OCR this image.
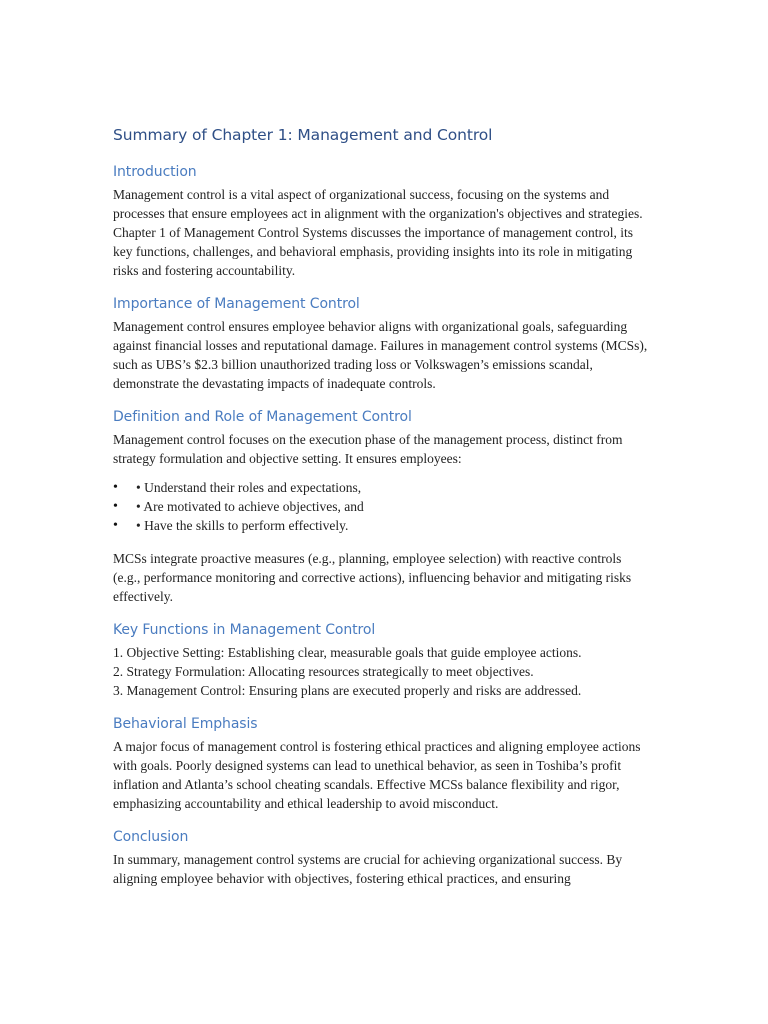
Summary of Chapter 1: Management and Control
Introduction

Management control is a vital aspect of organizational success, focusing on the systems and processes that ensure employees act in alignment with the organization's objectives and strategies. Chapter 1 of Management Control Systems discusses the importance of management control, its key functions, challenges, and behavioral emphasis, providing insights into its role in mitigating risks and fostering accountability.

Importance of Management Control

Management control ensures employee behavior aligns with organizational goals, safeguarding against financial losses and reputational damage. Failures in management control systems (MCSs), such as UBS’s $2.3 billion unauthorized trading loss or Volkswagen’s emissions scandal, demonstrate the devastating impacts of inadequate controls.

Definition and Role of Management Control

Management control focuses on the execution phase of the management process, distinct from strategy formulation and objective setting. It ensures employees:

• • Understand their roles and expectations,
• • Are motivated to achieve objectives, and
• • Have the skills to perform effectively.

MCSs integrate proactive measures (e.g., planning, employee selection) with reactive controls (e.g., performance monitoring and corrective actions), influencing behavior and mitigating risks effectively.

Key Functions in Management Control
1. Objective Setting: Establishing clear, measurable goals that guide employee actions.
2. Strategy Formulation: Allocating resources strategically to meet objectives.
3. Management Control: Ensuring plans are executed properly and risks are addressed.
Behavioral Emphasis

A major focus of management control is fostering ethical practices and aligning employee actions with goals. Poorly designed systems can lead to unethical behavior, as seen in Toshiba’s profit inflation and Atlanta’s school cheating scandals. Effective MCSs balance flexibility and rigor, emphasizing accountability and ethical leadership to avoid misconduct.

Conclusion

In summary, management control systems are crucial for achieving organizational success. By aligning employee behavior with objectives, fostering ethical practices, and ensuring
